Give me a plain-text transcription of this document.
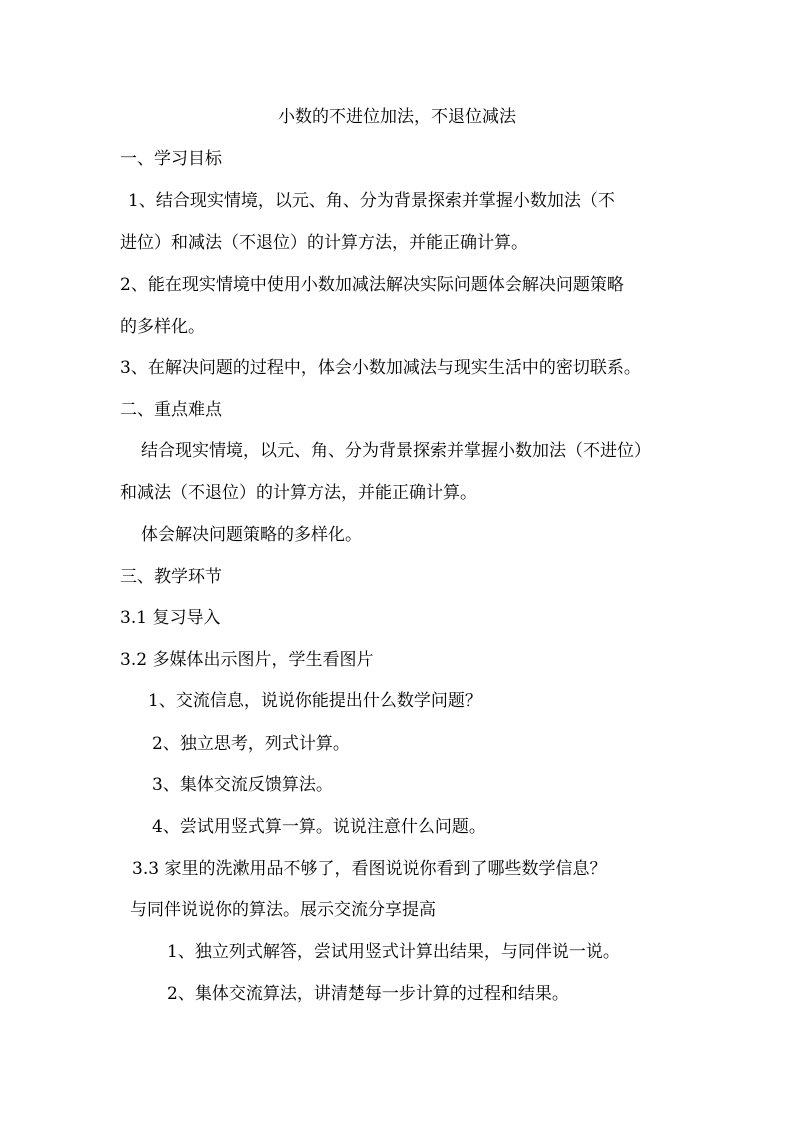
小数的不进位加法，不退位减法
一、学习目标
1、结合现实情境，以元、角、分为背景探索并掌握小数加法（不
进位）和减法（不退位）的计算方法，并能正确计算。
2、能在现实情境中使用小数加减法解决实际问题体会解决问题策略
的多样化。
3、在解决问题的过程中，体会小数加减法与现实生活中的密切联系。
二、重点难点
结合现实情境，以元、角、分为背景探索并掌握小数加法（不进位）
和减法（不退位）的计算方法，并能正确计算。
体会解决问题策略的多样化。
三、教学环节
3.1 复习导入
3.2 多媒体出示图片，学生看图片
1、交流信息，说说你能提出什么数学问题？
2、独立思考，列式计算。
3、集体交流反馈算法。
4、尝试用竖式算一算。说说注意什么问题。
3.3 家里的洗漱用品不够了，看图说说你看到了哪些数学信息？
与同伴说说你的算法。展示交流分享提高
1、独立列式解答，尝试用竖式计算出结果，与同伴说一说。
2、集体交流算法，讲清楚每一步计算的过程和结果。
